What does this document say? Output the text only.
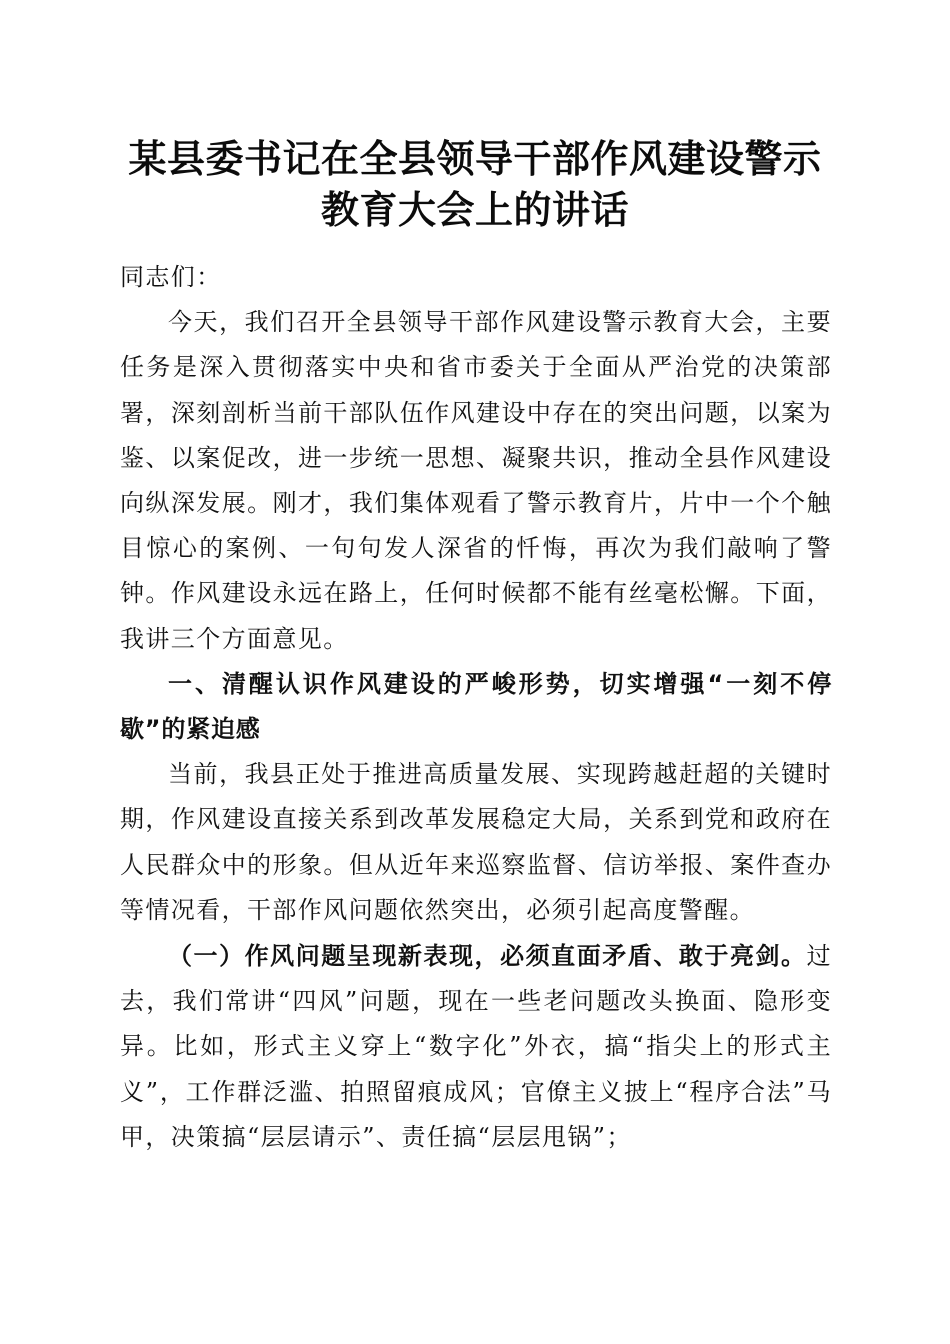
某县委书记在全县领导干部作风建设警示教育大会上的讲话

同志们：

今天，我们召开全县领导干部作风建设警示教育大会，主要任务是深入贯彻落实中央和省市委关于全面从严治党的决策部署，深刻剖析当前干部队伍作风建设中存在的突出问题，以案为鉴、以案促改，进一步统一思想、凝聚共识，推动全县作风建设向纵深发展。刚才，我们集体观看了警示教育片，片中一个个触目惊心的案例、一句句发人深省的忏悔，再次为我们敲响了警钟。作风建设永远在路上，任何时候都不能有丝毫松懈。下面，我讲三个方面意见。

一、清醒认识作风建设的严峻形势，切实增强“一刻不停歇”的紧迫感

当前，我县正处于推进高质量发展、实现跨越赶超的关键时期，作风建设直接关系到改革发展稳定大局，关系到党和政府在人民群众中的形象。但从近年来巡察监督、信访举报、案件查办等情况看，干部作风问题依然突出，必须引起高度警醒。

（一）作风问题呈现新表现，必须直面矛盾、敢于亮剑。过去，我们常讲“四风”问题，现在一些老问题改头换面、隐形变异。比如，形式主义穿上“数字化”外衣，搞“指尖上的形式主义”，工作群泛滥、拍照留痕成风；官僚主义披上“程序合法”马甲，决策搞“层层请示”、责任搞“层层甩锅”；
